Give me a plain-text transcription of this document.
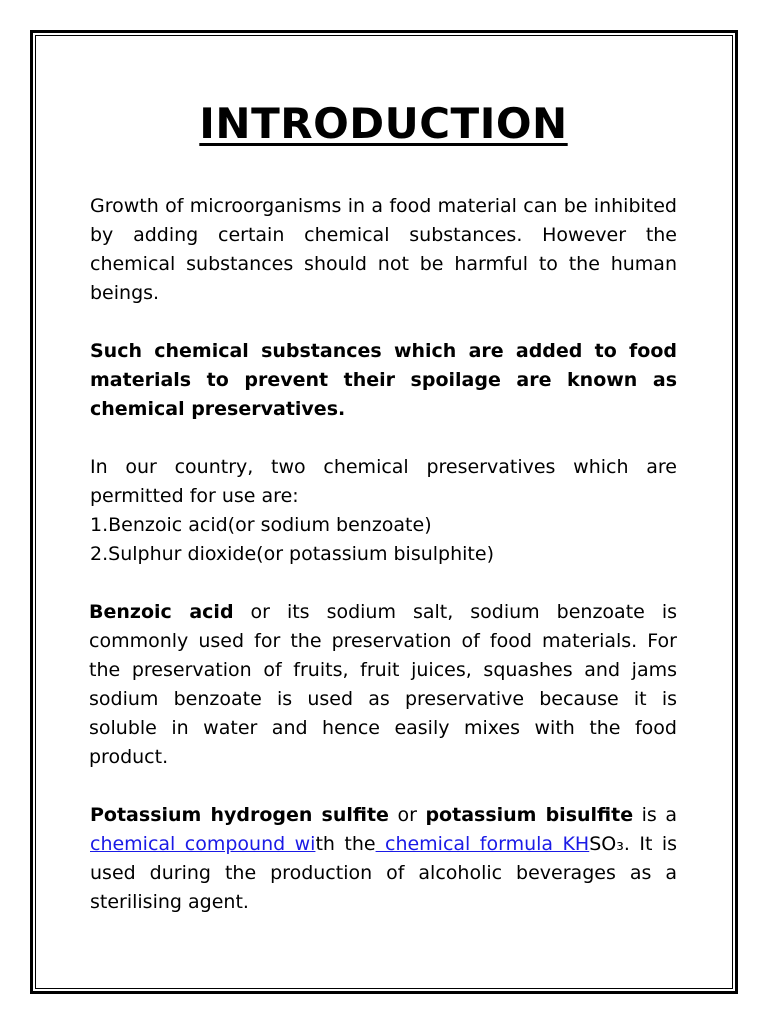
INTRODUCTION

Growth of microorganisms in a food material can be inhibited by adding certain chemical substances. However the chemical substances should not be harmful to the human beings.

Such chemical substances which are added to food materials to prevent their spoilage are known as chemical preservatives.

In our country, two chemical preservatives which are permitted for use are:

1.Benzoic acid(or sodium benzoate)
2.Sulphur dioxide(or potassium bisulphite)

Benzoic acid or its sodium salt, sodium benzoate is commonly used for the preservation of food materials. For the preservation of fruits, fruit juices, squashes and jams sodium benzoate is used as preservative because it is soluble in water and hence easily mixes with the food product.

Potassium hydrogen sulfite or potassium bisulfite is a chemical compound with the chemical formula KHSO₃. It is used during the production of alcoholic beverages as a sterilising agent.
